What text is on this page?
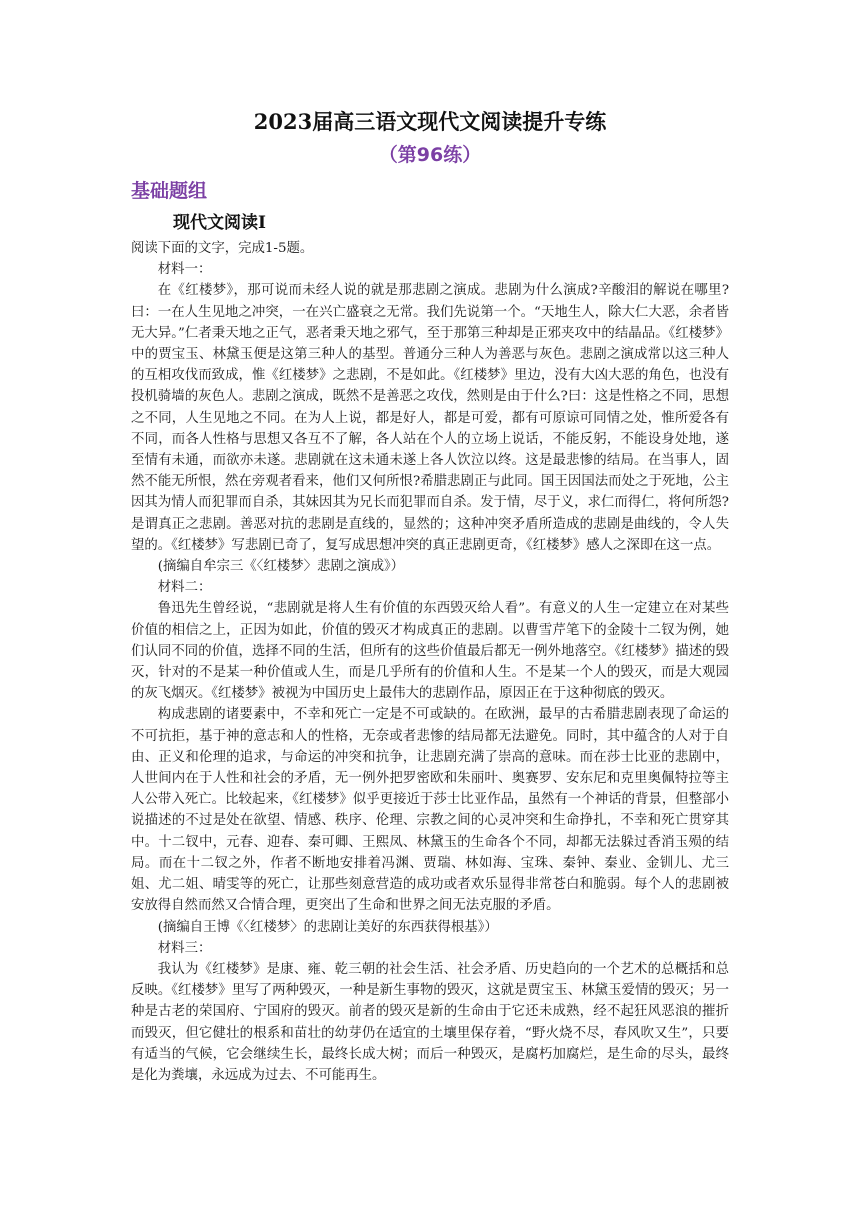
2023届高三语文现代文阅读提升专练
（第96练）
基础题组
现代文阅读Ⅰ

阅读下面的文字，完成1-5题。

材料一：

在《红楼梦》，那可说而未经人说的就是那悲剧之演成。悲剧为什么演成?辛酸泪的解说在哪里?曰：一在人生见地之冲突，一在兴亡盛衰之无常。我们先说第一个。“天地生人，除大仁大恶，余者皆无大异。”仁者秉天地之正气，恶者秉天地之邪气，至于那第三种却是正邪夹攻中的结晶品。《红楼梦》中的贾宝玉、林黛玉便是这第三种人的基型。普通分三种人为善恶与灰色。悲剧之演成常以这三种人的互相攻伐而致成，惟《红楼梦》之悲剧，不是如此。《红楼梦》里边，没有大凶大恶的角色，也没有投机骑墙的灰色人。悲剧之演成，既然不是善恶之攻伐，然则是由于什么?曰：这是性格之不同，思想之不同，人生见地之不同。在为人上说，都是好人，都是可爱，都有可原谅可同情之处，惟所爱各有不同，而各人性格与思想又各互不了解，各人站在个人的立场上说话，不能反躬，不能设身处地，遂至情有未通，而欲亦未遂。悲剧就在这未通未遂上各人饮泣以终。这是最悲惨的结局。在当事人，固然不能无所恨，然在旁观者看来，他们又何所恨?希腊悲剧正与此同。国王因国法而处之于死地，公主因其为情人而犯罪而自杀，其妹因其为兄长而犯罪而自杀。发于情，尽于义，求仁而得仁，将何所怨?是谓真正之悲剧。善恶对抗的悲剧是直线的，显然的；这种冲突矛盾所造成的悲剧是曲线的，令人失望的。《红楼梦》写悲剧已奇了，复写成思想冲突的真正悲剧更奇，《红楼梦》感人之深即在这一点。

(摘编自牟宗三《〈红楼梦〉悲剧之演成》）

材料二：

鲁迅先生曾经说，“悲剧就是将人生有价值的东西毁灭给人看”。有意义的人生一定建立在对某些价值的相信之上，正因为如此，价值的毁灭才构成真正的悲剧。以曹雪芹笔下的金陵十二钗为例，她们认同不同的价值，选择不同的生活，但所有的这些价值最后都无一例外地落空。《红楼梦》描述的毁灭，针对的不是某一种价值或人生，而是几乎所有的价值和人生。不是某一个人的毁灭，而是大观园的灰飞烟灭。《红楼梦》被视为中国历史上最伟大的悲剧作品，原因正在于这种彻底的毁灭。

构成悲剧的诸要素中，不幸和死亡一定是不可或缺的。在欧洲，最早的古希腊悲剧表现了命运的不可抗拒，基于神的意志和人的性格，无奈或者悲惨的结局都无法避免。同时，其中蕴含的人对于自由、正义和伦理的追求，与命运的冲突和抗争，让悲剧充满了崇高的意味。而在莎士比亚的悲剧中，人世间内在于人性和社会的矛盾，无一例外把罗密欧和朱丽叶、奥赛罗、安东尼和克里奥佩特拉等主人公带入死亡。比较起来，《红楼梦》似乎更接近于莎士比亚作品，虽然有一个神话的背景，但整部小说描述的不过是处在欲望、情感、秩序、伦理、宗教之间的心灵冲突和生命挣扎，不幸和死亡贯穿其中。十二钗中，元春、迎春、秦可卿、王熙凤、林黛玉的生命各个不同，却都无法躲过香消玉殒的结局。而在十二钗之外，作者不断地安排着冯渊、贾瑞、林如海、宝珠、秦钟、秦业、金钏儿、尤三姐、尤二姐、晴雯等的死亡，让那些刻意营造的成功或者欢乐显得非常苍白和脆弱。每个人的悲剧被安放得自然而然又合情合理，更突出了生命和世界之间无法克服的矛盾。

(摘编自王博《〈红楼梦〉的悲剧让美好的东西获得根基》）

材料三：

我认为《红楼梦》是康、雍、乾三朝的社会生活、社会矛盾、历史趋向的一个艺术的总概括和总反映。《红楼梦》里写了两种毁灭，一种是新生事物的毁灭，这就是贾宝玉、林黛玉爱情的毁灭；另一种是古老的荣国府、宁国府的毁灭。前者的毁灭是新的生命由于它还未成熟，经不起狂风恶浪的摧折而毁灭，但它健壮的根系和苗壮的幼芽仍在适宜的土壤里保存着，“野火烧不尽，春风吹又生”，只要有适当的气候，它会继续生长，最终长成大树；而后一种毁灭，是腐朽加腐烂，是生命的尽头，最终是化为粪壤，永远成为过去、不可能再生。
